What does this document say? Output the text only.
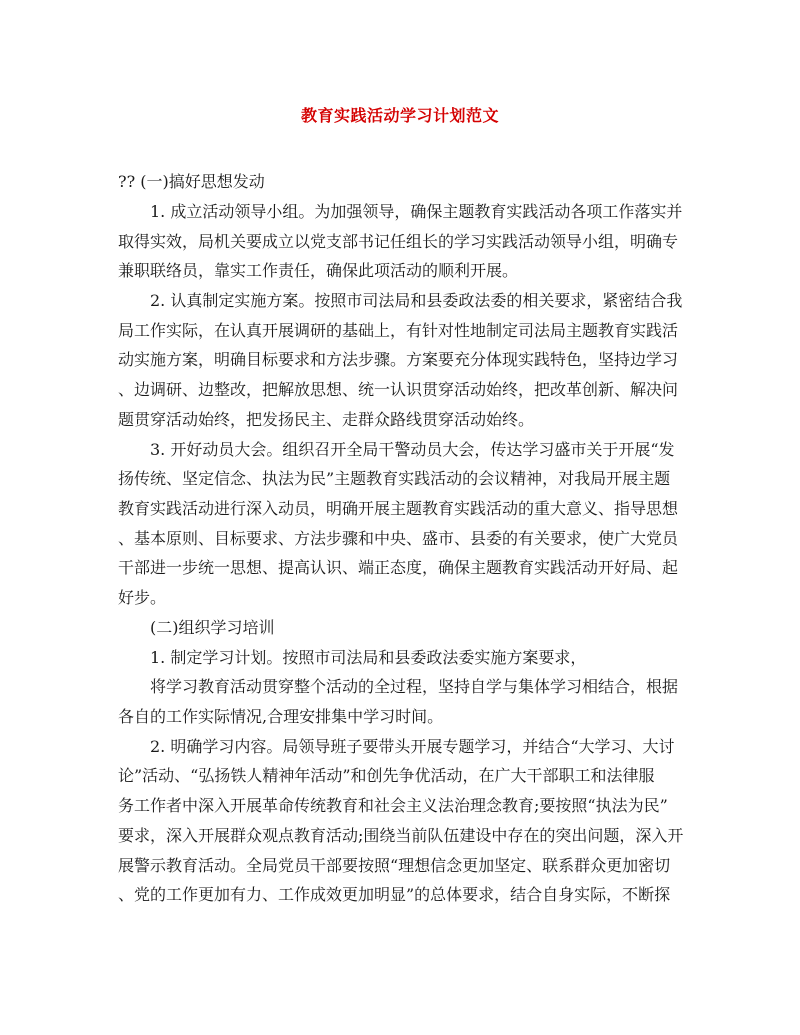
教育实践活动学习计划范文
?? (一)搞好思想发动
1. 成立活动领导小组。为加强领导，确保主题教育实践活动各项工作落实并
取得实效，局机关要成立以党支部书记任组长的学习实践活动领导小组，明确专
兼职联络员，靠实工作责任，确保此项活动的顺利开展。
2. 认真制定实施方案。按照市司法局和县委政法委的相关要求，紧密结合我
局工作实际，在认真开展调研的基础上，有针对性地制定司法局主题教育实践活
动实施方案，明确目标要求和方法步骤。方案要充分体现实践特色，坚持边学习
、边调研、边整改，把解放思想、统一认识贯穿活动始终，把改革创新、解决问
题贯穿活动始终，把发扬民主、走群众路线贯穿活动始终。
3. 开好动员大会。组织召开全局干警动员大会，传达学习盛市关于开展“发
扬传统、坚定信念、执法为民”主题教育实践活动的会议精神，对我局开展主题
教育实践活动进行深入动员，明确开展主题教育实践活动的重大意义、指导思想
、基本原则、目标要求、方法步骤和中央、盛市、县委的有关要求，使广大党员
干部进一步统一思想、提高认识、端正态度，确保主题教育实践活动开好局、起
好步。
(二)组织学习培训
1. 制定学习计划。按照市司法局和县委政法委实施方案要求，
将学习教育活动贯穿整个活动的全过程，坚持自学与集体学习相结合，根据
各自的工作实际情况,合理安排集中学习时间。
2. 明确学习内容。局领导班子要带头开展专题学习，并结合“大学习、大讨
论”活动、“弘扬铁人精神年活动”和创先争优活动，在广大干部职工和法律服
务工作者中深入开展革命传统教育和社会主义法治理念教育;要按照“执法为民”
要求，深入开展群众观点教育活动;围绕当前队伍建设中存在的突出问题，深入开
展警示教育活动。全局党员干部要按照“理想信念更加坚定、联系群众更加密切
、党的工作更加有力、工作成效更加明显”的总体要求，结合自身实际，不断探
